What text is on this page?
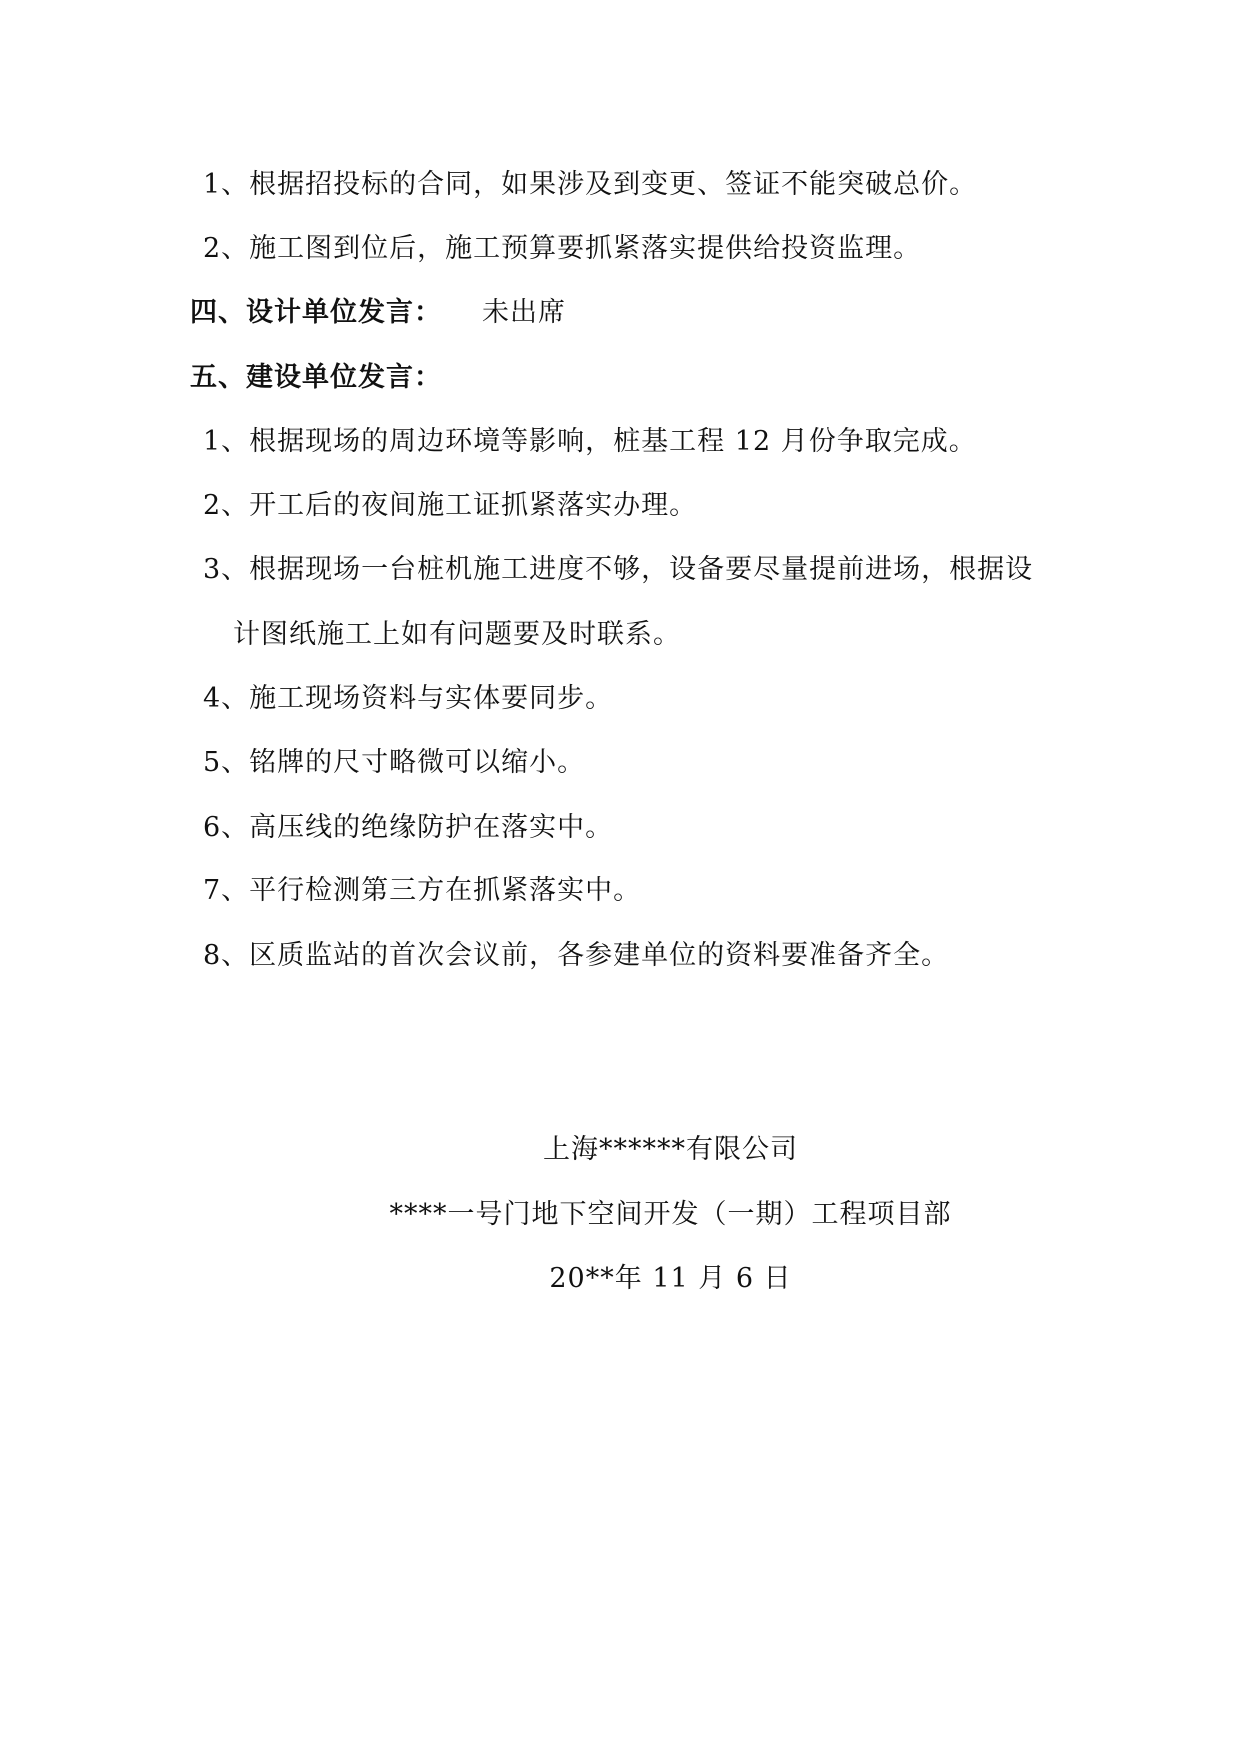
1、根据招投标的合同，如果涉及到变更、签证不能突破总价。
2、施工图到位后，施工预算要抓紧落实提供给投资监理。
四、设计单位发言： 未出席
五、建设单位发言：
1、根据现场的周边环境等影响，桩基工程 12 月份争取完成。
2、开工后的夜间施工证抓紧落实办理。
3、根据现场一台桩机施工进度不够，设备要尽量提前进场，根据设
计图纸施工上如有问题要及时联系。
4、施工现场资料与实体要同步。
5、铭牌的尺寸略微可以缩小。
6、高压线的绝缘防护在落实中。
7、平行检测第三方在抓紧落实中。
8、区质监站的首次会议前，各参建单位的资料要准备齐全。
上海******有限公司
****一号门地下空间开发（一期）工程项目部
20**年 11 月 6 日
